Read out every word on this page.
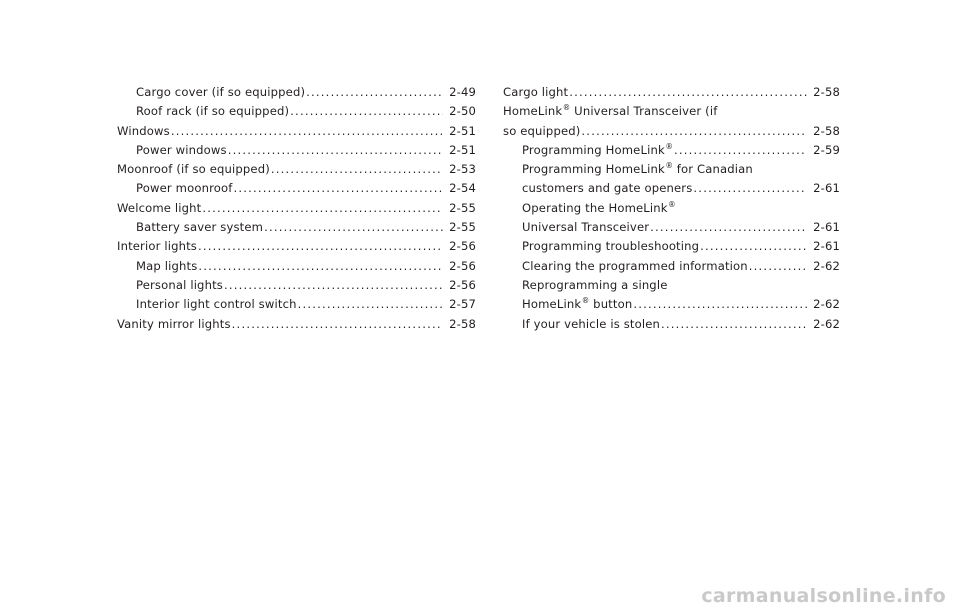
Cargo cover (if so equipped) .....	2-49
Roof rack (if so equipped) .....	2-50
Windows .....	2-51
Power windows .....	2-51
Moonroof (if so equipped) .....	2-53
Power moonroof .....	2-54
Welcome light .....	2-55
Battery saver system .....	2-55
Interior lights .....	2-56
Map lights .....	2-56
Personal lights .....	2-56
Interior light control switch .....	2-57
Vanity mirror lights .....	2-58
Cargo light .....	2-58
HomeLink® Universal Transceiver (if
so equipped) .....	2-58
Programming HomeLink® .....	2-59
Programming HomeLink® for Canadian
customers and gate openers .....	2-61
Operating the HomeLink®
Universal Transceiver .....	2-61
Programming troubleshooting .....	2-61
Clearing the programmed information .....	2-62
Reprogramming a single
HomeLink® button .....	2-62
If your vehicle is stolen .....	2-62
carmanualsonline.info
